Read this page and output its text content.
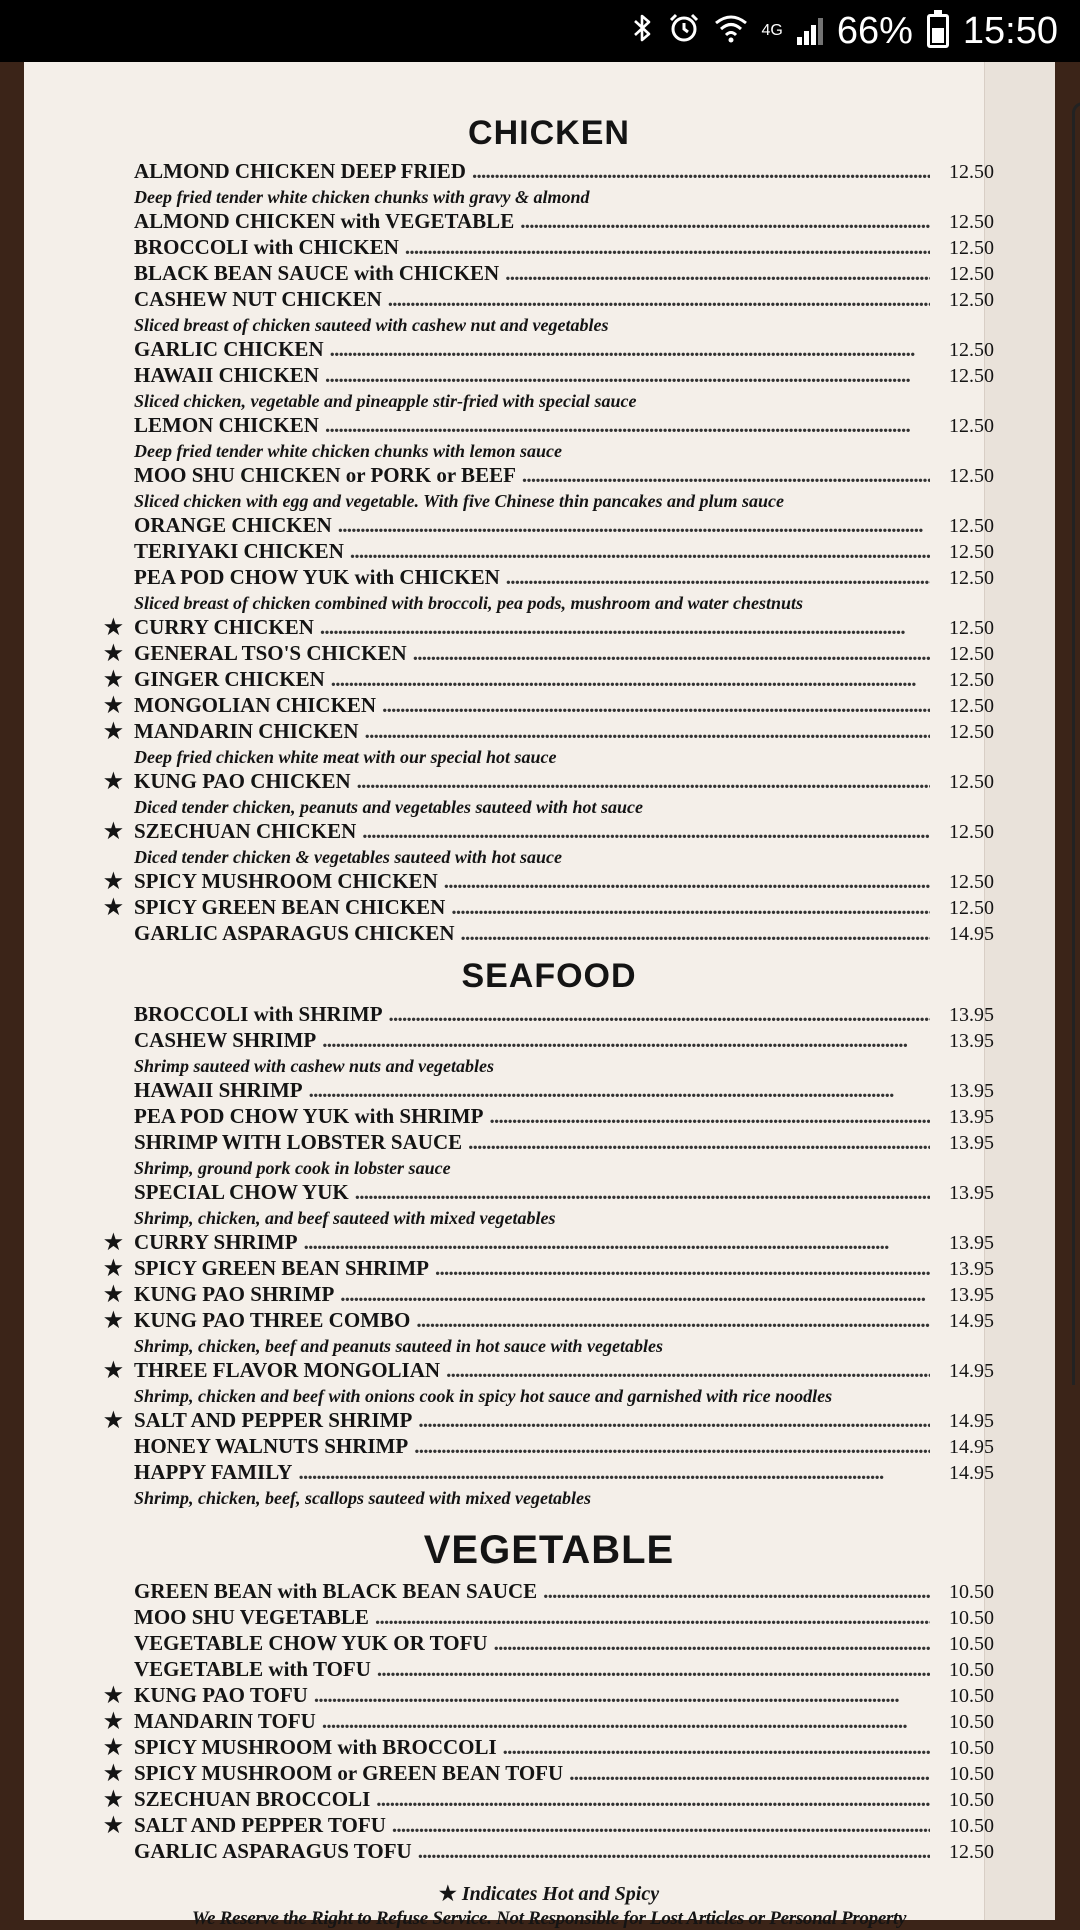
4G 66% 15:50
CHICKEN
ALMOND CHICKEN DEEP FRIED . . .	12.50
Deep fried tender white chicken chunks with gravy & almond
ALMOND CHICKEN with VEGETABLE . . .	12.50
BROCCOLI with CHICKEN . . .	12.50
BLACK BEAN SAUCE with CHICKEN . . .	12.50
CASHEW NUT CHICKEN . . .	12.50
Sliced breast of chicken sauteed with cashew nut and vegetables
GARLIC CHICKEN . . .	12.50
HAWAII CHICKEN . . .	12.50
Sliced chicken, vegetable and pineapple stir-fried with special sauce
LEMON CHICKEN . . .	12.50
Deep fried tender white chicken chunks with lemon sauce
MOO SHU CHICKEN or PORK or BEEF . . .	12.50
Sliced chicken with egg and vegetable. With five Chinese thin pancakes and plum sauce
ORANGE CHICKEN . . .	12.50
TERIYAKI CHICKEN . . .	12.50
PEA POD CHOW YUK with CHICKEN . . .	12.50
Sliced breast of chicken combined with broccoli, pea pods, mushroom and water chestnuts
★ CURRY CHICKEN . . .	12.50
★ GENERAL TSO'S CHICKEN . . .	12.50
★ GINGER CHICKEN . . .	12.50
★ MONGOLIAN CHICKEN . . .	12.50
★ MANDARIN CHICKEN . . .	12.50
Deep fried chicken white meat with our special hot sauce
★ KUNG PAO CHICKEN . . .	12.50
Diced tender chicken, peanuts and vegetables sauteed with hot sauce
★ SZECHUAN CHICKEN . . .	12.50
Diced tender chicken & vegetables sauteed with hot sauce
★ SPICY MUSHROOM CHICKEN . . .	12.50
★ SPICY GREEN BEAN CHICKEN . . .	12.50
GARLIC ASPARAGUS CHICKEN . . .	14.95
SEAFOOD
BROCCOLI with SHRIMP . . .	13.95
CASHEW SHRIMP . . .	13.95
Shrimp sauteed with cashew nuts and vegetables
HAWAII SHRIMP . . .	13.95
PEA POD CHOW YUK with SHRIMP . . .	13.95
SHRIMP WITH LOBSTER SAUCE . . .	13.95
Shrimp, ground pork cook in lobster sauce
SPECIAL CHOW YUK . . .	13.95
Shrimp, chicken, and beef sauteed with mixed vegetables
★ CURRY SHRIMP . . .	13.95
★ SPICY GREEN BEAN SHRIMP . . .	13.95
★ KUNG PAO SHRIMP . . .	13.95
★ KUNG PAO THREE COMBO . . .	14.95
Shrimp, chicken, beef and peanuts sauteed in hot sauce with vegetables
★ THREE FLAVOR MONGOLIAN . . .	14.95
Shrimp, chicken and beef with onions cook in spicy hot sauce and garnished with rice noodles
★ SALT AND PEPPER SHRIMP . . .	14.95
HONEY WALNUTS SHRIMP . . .	14.95
HAPPY FAMILY . . .	14.95
Shrimp, chicken, beef, scallops sauteed with mixed vegetables
VEGETABLE
GREEN BEAN with BLACK BEAN SAUCE . . .	10.50
MOO SHU VEGETABLE . . .	10.50
VEGETABLE CHOW YUK OR TOFU . . .	10.50
VEGETABLE with TOFU . . .	10.50
★ KUNG PAO TOFU . . .	10.50
★ MANDARIN TOFU . . .	10.50
★ SPICY MUSHROOM with BROCCOLI . . .	10.50
★ SPICY MUSHROOM or GREEN BEAN TOFU . . .	10.50
★ SZECHUAN BROCCOLI . . .	10.50
★ SALT AND PEPPER TOFU . . .	10.50
GARLIC ASPARAGUS TOFU . . .	12.50
★ Indicates Hot and Spicy
We Reserve the Right to Refuse Service. Not Responsible for Lost Articles or Personal Property
